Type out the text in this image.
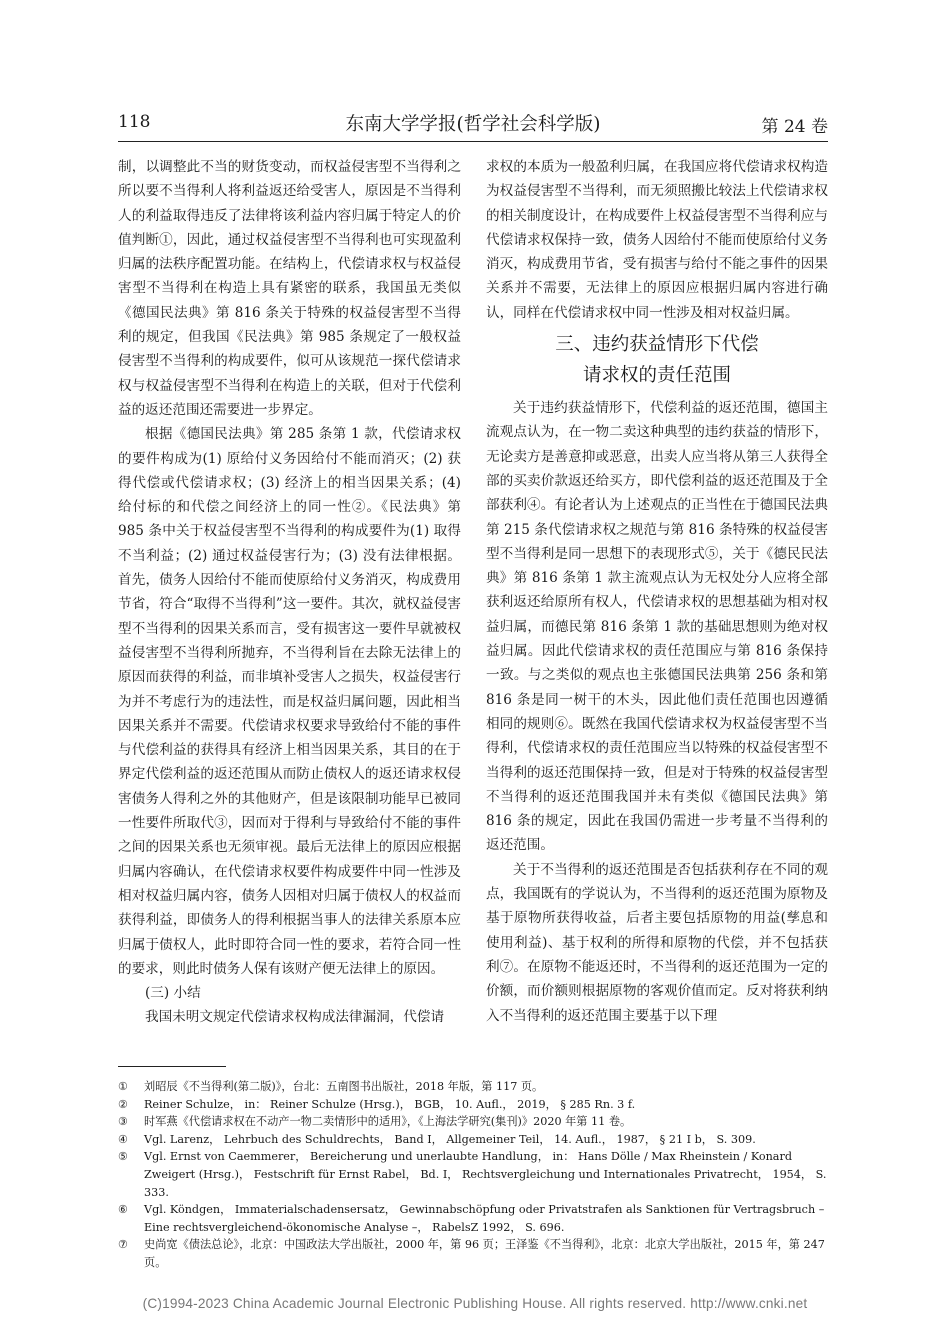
118	东南大学学报(哲学社会科学版)	第 24 卷

制，以调整此不当的财货变动，而权益侵害型不当得利之所以要不当得利人将利益返还给受害人，原因是不当得利人的利益取得违反了法律将该利益内容归属于特定人的价值判断①，因此，通过权益侵害型不当得利也可实现盈利归属的法秩序配置功能。在结构上，代偿请求权与权益侵害型不当得利在构造上具有紧密的联系，我国虽无类似《德国民法典》第 816 条关于特殊的权益侵害型不当得利的规定，但我国《民法典》第 985 条规定了一般权益侵害型不当得利的构成要件，似可从该规范一探代偿请求权与权益侵害型不当得利在构造上的关联，但对于代偿利益的返还范围还需要进一步界定。

根据《德国民法典》第 285 条第 1 款，代偿请求权的要件构成为(1) 原给付义务因给付不能而消灭；(2) 获得代偿或代偿请求权；(3) 经济上的相当因果关系；(4) 给付标的和代偿之间经济上的同一性②。《民法典》第 985 条中关于权益侵害型不当得利的构成要件为(1) 取得不当利益；(2) 通过权益侵害行为；(3) 没有法律根据。首先，债务人因给付不能而使原给付义务消灭，构成费用节省，符合“取得不当得利”这一要件。其次，就权益侵害型不当得利的因果关系而言，受有损害这一要件早就被权益侵害型不当得利所抛弃，不当得利旨在去除无法律上的原因而获得的利益，而非填补受害人之损失，权益侵害行为并不考虑行为的违法性，而是权益归属问题，因此相当因果关系并不需要。代偿请求权要求导致给付不能的事件与代偿利益的获得具有经济上相当因果关系，其目的在于界定代偿利益的返还范围从而防止债权人的返还请求权侵害债务人得利之外的其他财产，但是该限制功能早已被同一性要件所取代③，因而对于得利与导致给付不能的事件之间的因果关系也无须审视。最后无法律上的原因应根据归属内容确认，在代偿请求权要件构成要件中同一性涉及相对权益归属内容，债务人因相对归属于债权人的权益而获得利益，即债务人的得利根据当事人的法律关系原本应归属于债权人，此时即符合同一性的要求，若符合同一性的要求，则此时债务人保有该财产便无法律上的原因。

(三) 小结

我国未明文规定代偿请求权构成法律漏洞，代偿请

求权的本质为一般盈利归属，在我国应将代偿请求权构造为权益侵害型不当得利，而无须照搬比较法上代偿请求权的相关制度设计，在构成要件上权益侵害型不当得利应与代偿请求权保持一致，债务人因给付不能而使原给付义务消灭，构成费用节省，受有损害与给付不能之事件的因果关系并不需要，无法律上的原因应根据归属内容进行确认，同样在代偿请求权中同一性涉及相对权益归属。

三、违约获益情形下代偿
请求权的责任范围

关于违约获益情形下，代偿利益的返还范围，德国主流观点认为，在一物二卖这种典型的违约获益的情形下，无论卖方是善意抑或恶意，出卖人应当将从第三人获得全部的买卖价款返还给买方，即代偿利益的返还范围及于全部获利④。有论者认为上述观点的正当性在于德国民法典第 215 条代偿请求权之规范与第 816 条特殊的权益侵害型不当得利是同一思想下的表现形式⑤，关于《德民民法典》第 816 条第 1 款主流观点认为无权处分人应将全部获利返还给原所有权人，代偿请求权的思想基础为相对权益归属，而德民第 816 条第 1 款的基础思想则为绝对权益归属。因此代偿请求权的责任范围应与第 816 条保持一致。与之类似的观点也主张德国民法典第 256 条和第 816 条是同一树干的木头，因此他们责任范围也因遵循相同的规则⑥。既然在我国代偿请求权为权益侵害型不当得利，代偿请求权的责任范围应当以特殊的权益侵害型不当得利的返还范围保持一致，但是对于特殊的权益侵害型不当得利的返还范围我国并未有类似《德国民法典》第 816 条的规定，因此在我国仍需进一步考量不当得利的返还范围。

关于不当得利的返还范围是否包括获利存在不同的观点，我国既有的学说认为，不当得利的返还范围为原物及基于原物所获得收益，后者主要包括原物的用益(孳息和使用利益)、基于权利的所得和原物的代偿，并不包括获利⑦。在原物不能返还时，不当得利的返还范围为一定的价额，而价额则根据原物的客观价值而定。反对将获利纳入不当得利的返还范围主要基于以下理

① 刘昭辰《不当得利(第二版)》，台北：五南图书出版社，2018 年版，第 117 页。
② Reiner Schulze， in： Reiner Schulze (Hrsg.)， BGB， 10. Aufl.， 2019， § 285 Rn. 3 f.
③ 时军燕《代偿请求权在不动产一物二卖情形中的适用》，《上海法学研究(集刊)》2020 年第 11 卷。
④ Vgl. Larenz， Lehrbuch des Schuldrechts， Band I， Allgemeiner Teil， 14. Aufl.， 1987， § 21 I b， S. 309.
⑤ Vgl. Ernst von Caemmerer， Bereicherung und unerlaubte Handlung， in： Hans Dölle / Max Rheinstein / Konard Zweigert (Hrsg.)， Festschrift für Ernst Rabel， Bd. I， Rechtsvergleichung und Internationales Privatrecht， 1954， S. 333.
⑥ Vgl. Köndgen， Immaterialschadensersatz， Gewinnabschöpfung oder Privatstrafen als Sanktionen für Vertragsbruch – Eine rechtsvergleichend-ökonomische Analyse –， RabelsZ 1992， S. 696.
⑦ 史尚宽《债法总论》，北京：中国政法大学出版社，2000 年，第 96 页；王泽鉴《不当得利》，北京：北京大学出版社，2015 年，第 247 页。
(C)1994-2023 China Academic Journal Electronic Publishing House. All rights reserved. http://www.cnki.net
